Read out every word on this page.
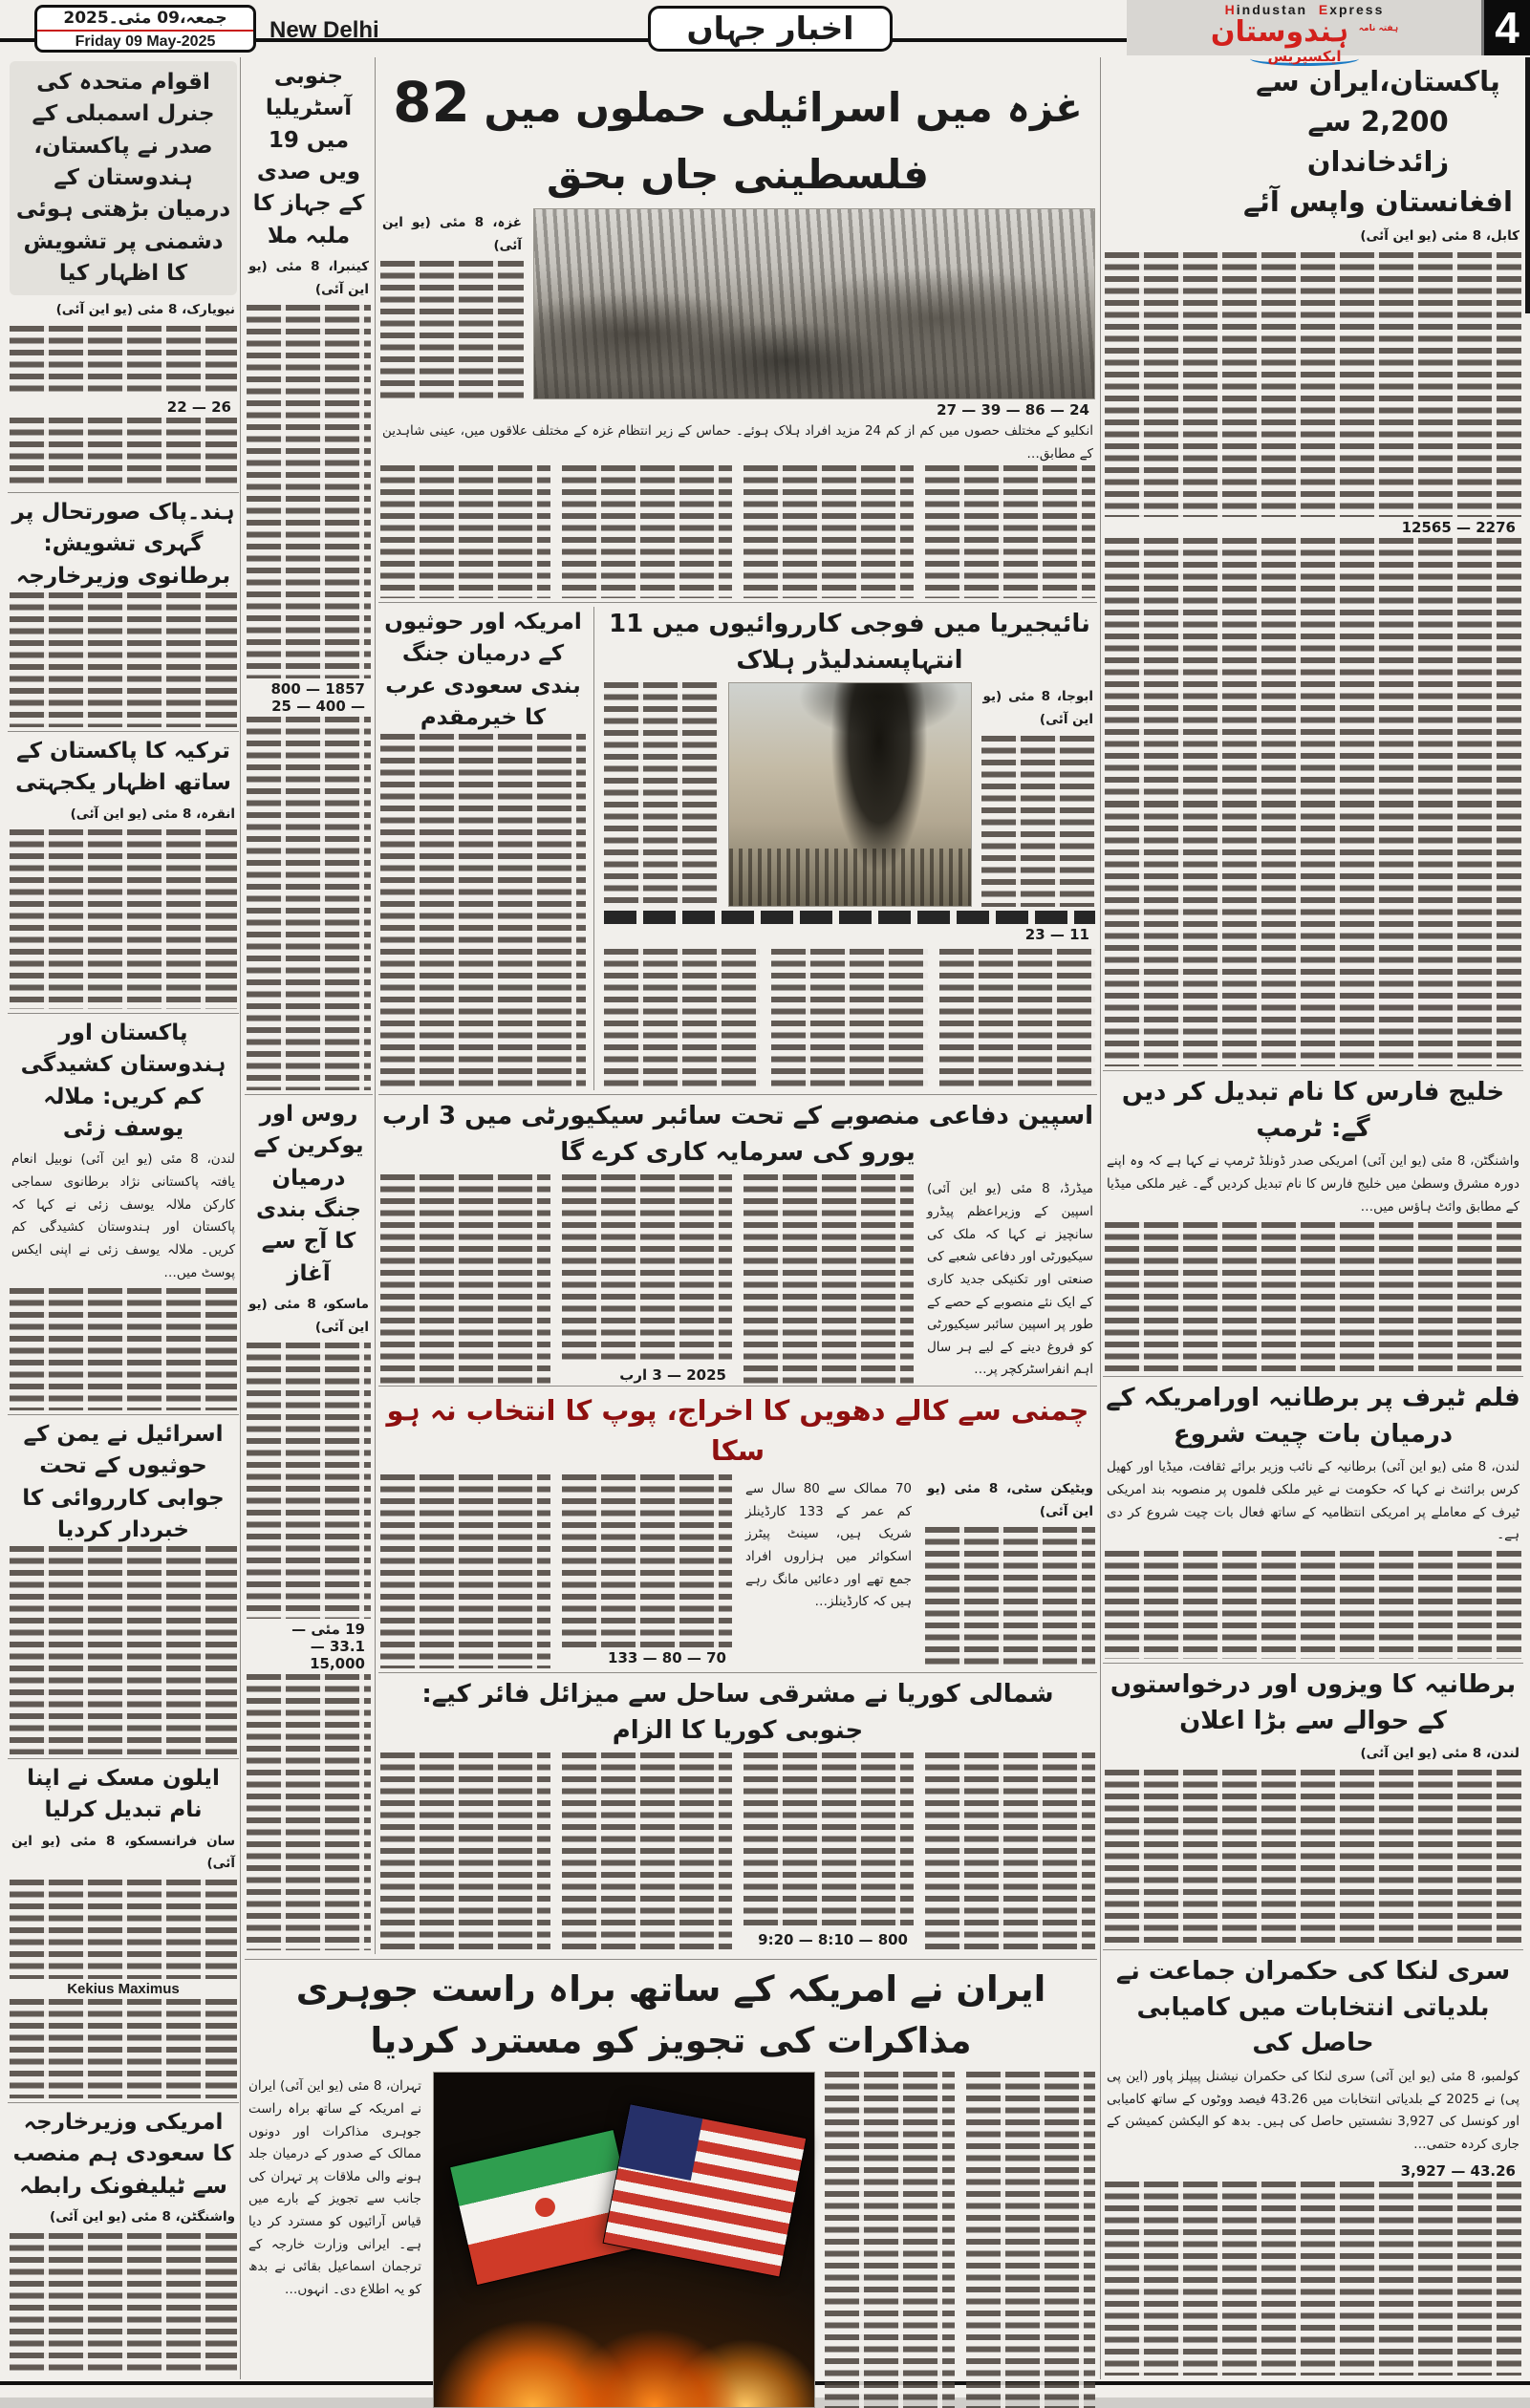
جمعہ،09 مئی۔2025
Friday 09 May-2025	New Delhi	اخبار جہاں	Hindustan Express
$^{ہفتہ نامہ}$ ہندوستان
ایکسپریس
4
اقوام متحدہ کی جنرل اسمبلی کے صدر نے پاکستان، ہندوستان کے درمیان بڑھتی ہوئی دشمنی پر تشویش کا اظہار کیا
نیویارک، 8 مئی (یو این آئی)
26 — 22
ہند۔پاک صورتحال پر گہری تشویش: برطانوی وزیرخارجہ
ترکیہ کا پاکستان کے ساتھ اظہار یکجہتی
انقرہ، 8 مئی (یو این آئی)
پاکستان اور ہندوستان کشیدگی کم کریں: ملالہ یوسف زئی
لندن، 8 مئی (یو این آئی) نوبیل انعام یافتہ پاکستانی نژاد برطانوی سماجی کارکن ملالہ یوسف زئی نے کہا کہ پاکستان اور ہندوستان کشیدگی کم کریں۔ ملالہ یوسف زئی نے اپنی ایکس پوسٹ میں…
اسرائیل نے یمن کے حوثیوں کے تحت جوابی کارروائی کا خبردار کردیا
ایلون مسک نے اپنا نام تبدیل کرلیا
سان فرانسسکو، 8 مئی (یو این آئی)
Kekius Maximus
امریکی وزیرخارجہ کا سعودی ہم منصب سے ٹیلیفونک رابطہ
واشنگٹن، 8 مئی (یو این آئی)
جنوبی آسٹریلیا میں 19 ویں صدی کے جہاز کا ملبہ ملا
کینبرا، 8 مئی (یو این آئی)
1857 — 800 — 400 — 25
روس اور یوکرین کے درمیان جنگ بندی کا آج سے آغاز
ماسکو، 8 مئی (یو این آئی)
19 مئی — 33.1 — 15,000
غزہ میں اسرائیلی حملوں میں 82 فلسطینی جاں بحق
غزہ، 8 مئی (یو این آئی)
24 — 86 — 39 — 27
انکلیو کے مختلف حصوں میں کم از کم 24 مزید افراد ہلاک ہوئے۔ حماس کے زیر انتظام غزہ کے مختلف علاقوں میں، عینی شاہدین کے مطابق…
امریکہ اور حوثیوں کے درمیان جنگ بندی سعودی عرب کا خیرمقدم
نائیجیریا میں فوجی کارروائیوں میں 11 انتہاپسندلیڈر ہلاک
ابوجا، 8 مئی (یو این آئی)
11 — 23
اسپین دفاعی منصوبے کے تحت سائبر سیکیورٹی میں 3 ارب یورو کی سرمایہ کاری کرے گا
میڈرڈ، 8 مئی (یو این آئی) اسپین کے وزیراعظم پیڈرو سانچیز نے کہا کہ ملک کی سیکیورٹی اور دفاعی شعبے کی صنعتی اور تکنیکی جدید کاری کے ایک نئے منصوبے کے حصے کے طور پر اسپین سائبر سیکیورٹی کو فروغ دینے کے لیے ہر سال اہم انفراسٹرکچر پر…
2025 — 3 ارب
چمنی سے کالے دھویں کا اخراج، پوپ کا انتخاب نہ ہو سکا
ویٹیکن سٹی، 8 مئی (یو این آئی)
70 ممالک سے 80 سال سے کم عمر کے 133 کارڈینلز شریک ہیں، سینٹ پیٹرز اسکوائر میں ہزاروں افراد جمع تھے اور دعائیں مانگ رہے ہیں کہ کارڈینلز…
70 — 80 — 133
شمالی کوریا نے مشرقی ساحل سے میزائل فائر کیے: جنوبی کوریا کا الزام
800 — 8:10 — 9:20
ایران نے امریکہ کے ساتھ براہ راست جوہری مذاکرات کی تجویز کو مسترد کردیا
تہران، 8 مئی (یو این آئی) ایران نے امریکہ کے ساتھ براہ راست جوہری مذاکرات اور دونوں ممالک کے صدور کے درمیان جلد ہونے والی ملاقات پر تہران کی جانب سے تجویز کے بارے میں قیاس آرائیوں کو مسترد کر دیا ہے۔ ایرانی وزارت خارجہ کے ترجمان اسماعیل بقائی نے بدھ کو یہ اطلاع دی۔ انہوں…
پاکستان،ایران سے 2,200 سے زائدخاندان افغانستان واپس آئے
کابل، 8 مئی (یو این آئی)
2276 — 12565
خلیج فارس کا نام تبدیل کر دیں گے: ٹرمپ
واشنگٹن، 8 مئی (یو این آئی) امریکی صدر ڈونلڈ ٹرمپ نے کہا ہے کہ وہ اپنے دورہ مشرق وسطیٰ میں خلیج فارس کا نام تبدیل کردیں گے۔ غیر ملکی میڈیا کے مطابق وائٹ ہاؤس میں…
فلم ٹیرف پر برطانیہ اورامریکہ کے درمیان بات چیت شروع
لندن، 8 مئی (یو این آئی) برطانیہ کے نائب وزیر برائے ثقافت، میڈیا اور کھیل کرس برائنٹ نے کہا کہ حکومت نے غیر ملکی فلموں پر منصوبہ بند امریکی ٹیرف کے معاملے پر امریکی انتظامیہ کے ساتھ فعال بات چیت شروع کر دی ہے۔
برطانیہ کا ویزوں اور درخواستوں کے حوالے سے بڑا اعلان
لندن، 8 مئی (یو این آئی)
سری لنکا کی حکمران جماعت نے بلدیاتی انتخابات میں کامیابی حاصل کی
کولمبو، 8 مئی (یو این آئی) سری لنکا کی حکمران نیشنل پیپلز پاور (این پی پی) نے 2025 کے بلدیاتی انتخابات میں 43.26 فیصد ووٹوں کے ساتھ کامیابی اور کونسل کی 3,927 نشستیں حاصل کی ہیں۔ بدھ کو الیکشن کمیشن کے جاری کردہ حتمی…
43.26 — 3,927
